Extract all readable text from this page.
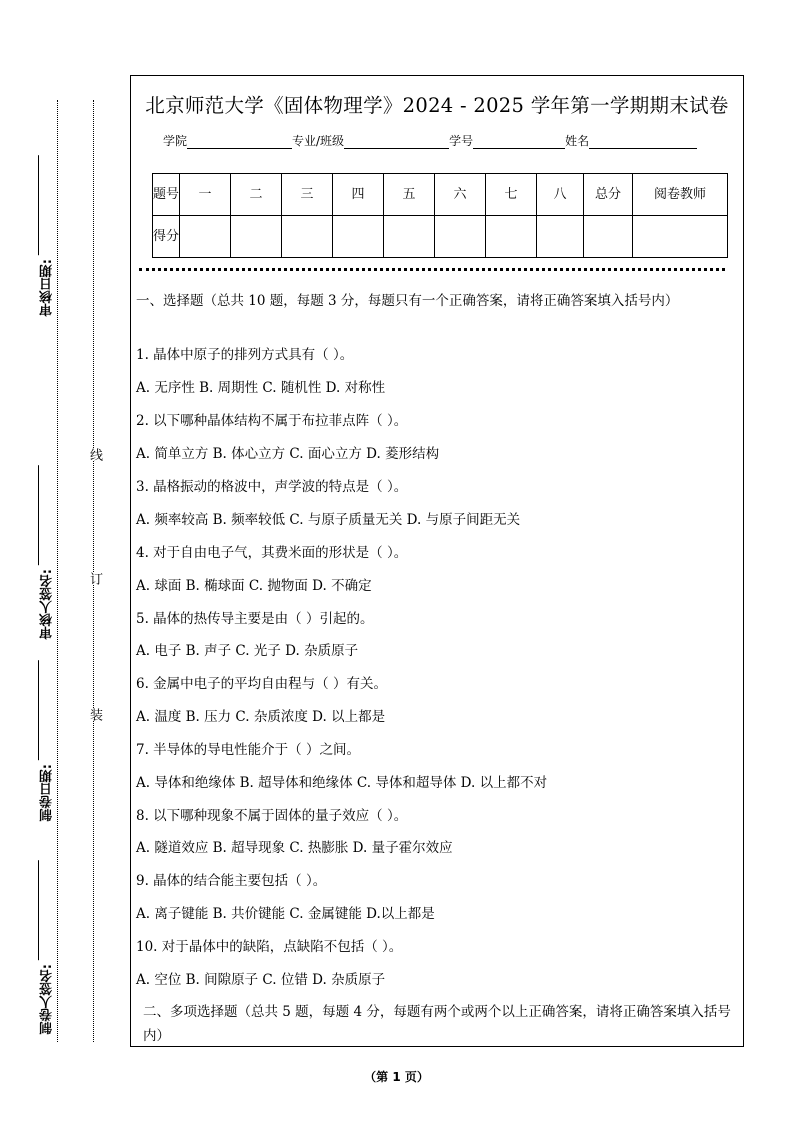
审核日期:
审核人签名:
制卷日期:
制卷人签名:
线
订
装
北京师范大学《固体物理学》2024 - 2025 学年第一学期期末试卷
学院	专业/班级	学号	姓名
题号	一	二	三	四	五	六	七	八	总分	阅卷教师
得分										
一、选择题（总共 10 题，每题 3 分，每题只有一个正确答案，请将正确答案填入括号内）
1. 晶体中原子的排列方式具有（ ）。
A. 无序性 B. 周期性 C. 随机性 D. 对称性
2. 以下哪种晶体结构不属于布拉菲点阵（ ）。
A. 简单立方 B. 体心立方 C. 面心立方 D. 菱形结构
3. 晶格振动的格波中，声学波的特点是（ ）。
A. 频率较高 B. 频率较低 C. 与原子质量无关 D. 与原子间距无关
4. 对于自由电子气，其费米面的形状是（ ）。
A. 球面 B. 椭球面 C. 抛物面 D. 不确定
5. 晶体的热传导主要是由（ ）引起的。
A. 电子 B. 声子 C. 光子 D. 杂质原子
6. 金属中电子的平均自由程与（ ）有关。
A. 温度 B. 压力 C. 杂质浓度 D. 以上都是
7. 半导体的导电性能介于（ ）之间。
A. 导体和绝缘体 B. 超导体和绝缘体 C. 导体和超导体 D. 以上都不对
8. 以下哪种现象不属于固体的量子效应（ ）。
A. 隧道效应 B. 超导现象 C. 热膨胀 D. 量子霍尔效应
9. 晶体的结合能主要包括（ ）。
A. 离子键能 B. 共价键能 C. 金属键能 D.以上都是
10. 对于晶体中的缺陷，点缺陷不包括（ ）。
A. 空位 B. 间隙原子 C. 位错 D. 杂质原子
二、多项选择题（总共 5 题，每题 4 分，每题有两个或两个以上正确答案，请将正确答案填入括号内）
（第 1 页）
